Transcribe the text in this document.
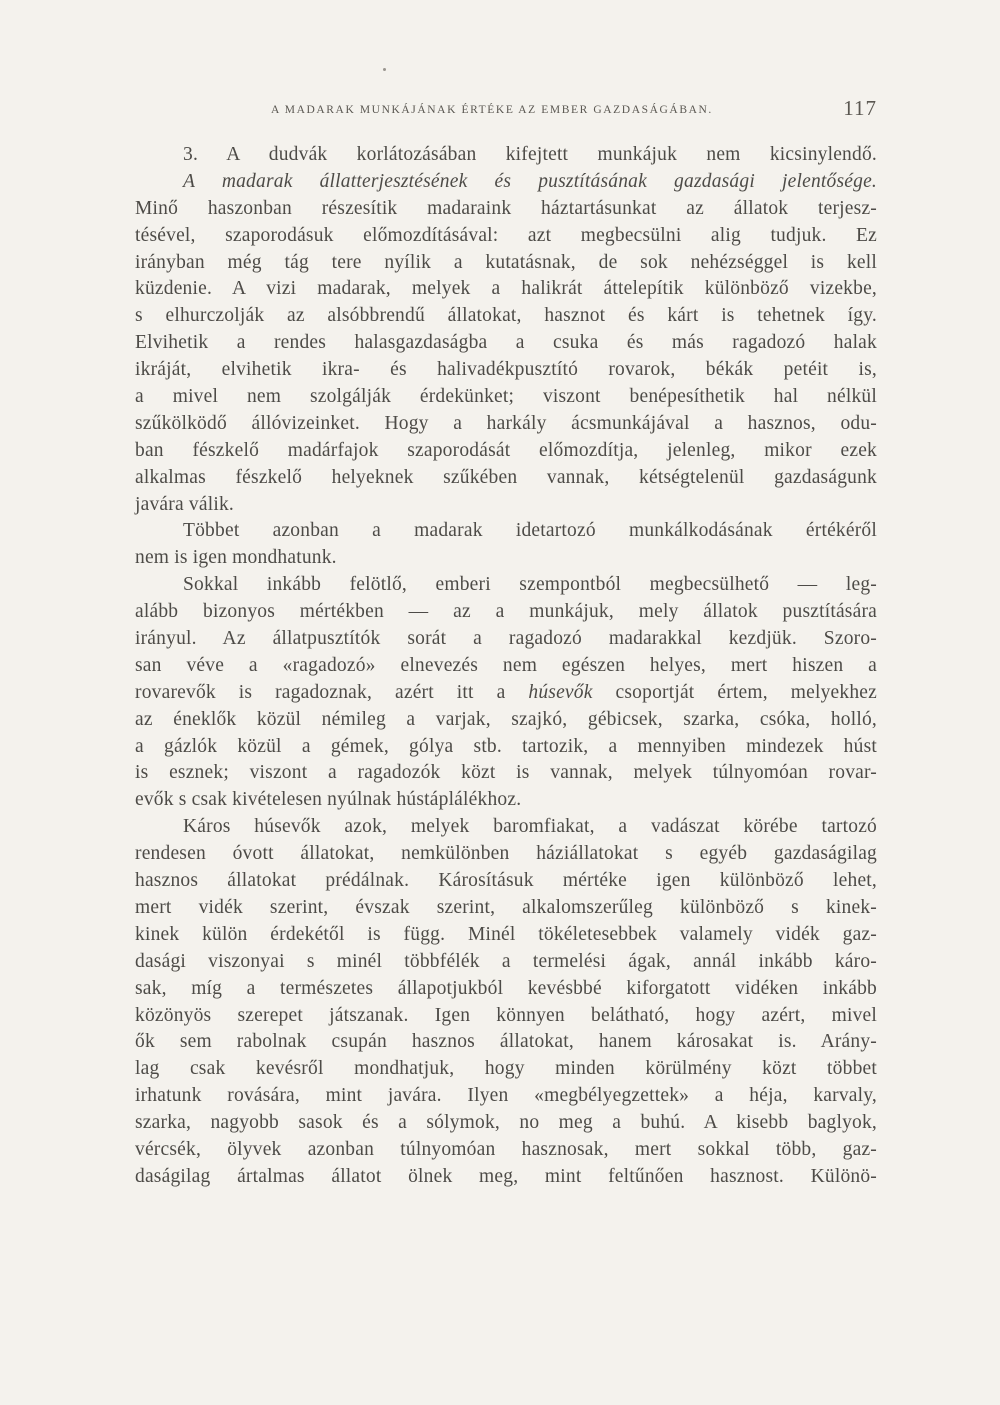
A MADARAK MUNKÁJÁNAK ÉRTÉKE AZ EMBER GAZDASÁGÁBAN.	117
3. A dudvák korlátozásában kifejtett munkájuk nem kicsinylendő.
A madarak állatterjesztésének és pusztításának gazdasági jelentősége.
Minő haszonban részesítik madaraink háztartásunkat az állatok terjesz-
tésével, szaporodásuk előmozdításával: azt megbecsülni alig tudjuk. Ez
irányban még tág tere nyílik a kutatásnak, de sok nehézséggel is kell
küzdenie. A vizi madarak, melyek a halikrát áttelepítik különböző vizekbe,
s elhurczolják az alsóbbrendű állatokat, hasznot és kárt is tehetnek így.
Elvihetik a rendes halasgazdaságba a csuka és más ragadozó halak
ikráját, elvihetik ikra- és halivadékpusztító rovarok, békák petéit is,
a mivel nem szolgálják érdekünket; viszont benépesíthetik hal nélkül
szűkölködő állóvizeinket. Hogy a harkály ácsmunkájával a hasznos, odu-
ban fészkelő madárfajok szaporodását előmozdítja, jelenleg, mikor ezek
alkalmas fészkelő helyeknek szűkében vannak, kétségtelenül gazdaságunk
javára válik.
Többet azonban a madarak idetartozó munkálkodásának értékéről
nem is igen mondhatunk.
Sokkal inkább felötlő, emberi szempontból megbecsülhető — leg-
alább bizonyos mértékben — az a munkájuk, mely állatok pusztítására
irányul. Az állatpusztítók sorát a ragadozó madarakkal kezdjük. Szoro-
san véve a «ragadozó» elnevezés nem egészen helyes, mert hiszen a
rovarevők is ragadoznak, azért itt a húsevők csoportját értem, melyekhez
az éneklők közül némileg a varjak, szajkó, gébicsek, szarka, csóka, holló,
a gázlók közül a gémek, gólya stb. tartozik, a mennyiben mindezek húst
is esznek; viszont a ragadozók közt is vannak, melyek túlnyomóan rovar-
evők s csak kivételesen nyúlnak hústáplálékhoz.
Káros húsevők azok, melyek baromfiakat, a vadászat körébe tartozó
rendesen óvott állatokat, nemkülönben háziállatokat s egyéb gazdaságilag
hasznos állatokat prédálnak. Károsításuk mértéke igen különböző lehet,
mert vidék szerint, évszak szerint, alkalomszerűleg különböző s kinek-
kinek külön érdekétől is függ. Minél tökéletesebbek valamely vidék gaz-
dasági viszonyai s minél többfélék a termelési ágak, annál inkább káro-
sak, míg a természetes állapotjukból kevésbbé kiforgatott vidéken inkább
közönyös szerepet játszanak. Igen könnyen belátható, hogy azért, mivel
ők sem rabolnak csupán hasznos állatokat, hanem károsakat is. Arány-
lag csak kevésről mondhatjuk, hogy minden körülmény közt többet
irhatunk rovására, mint javára. Ilyen «megbélyegzettek» a héja, karvaly,
szarka, nagyobb sasok és a sólymok, no meg a buhú. A kisebb baglyok,
vércsék, ölyvek azonban túlnyomóan hasznosak, mert sokkal több, gaz-
daságilag ártalmas állatot ölnek meg, mint feltűnően hasznost. Különö-
